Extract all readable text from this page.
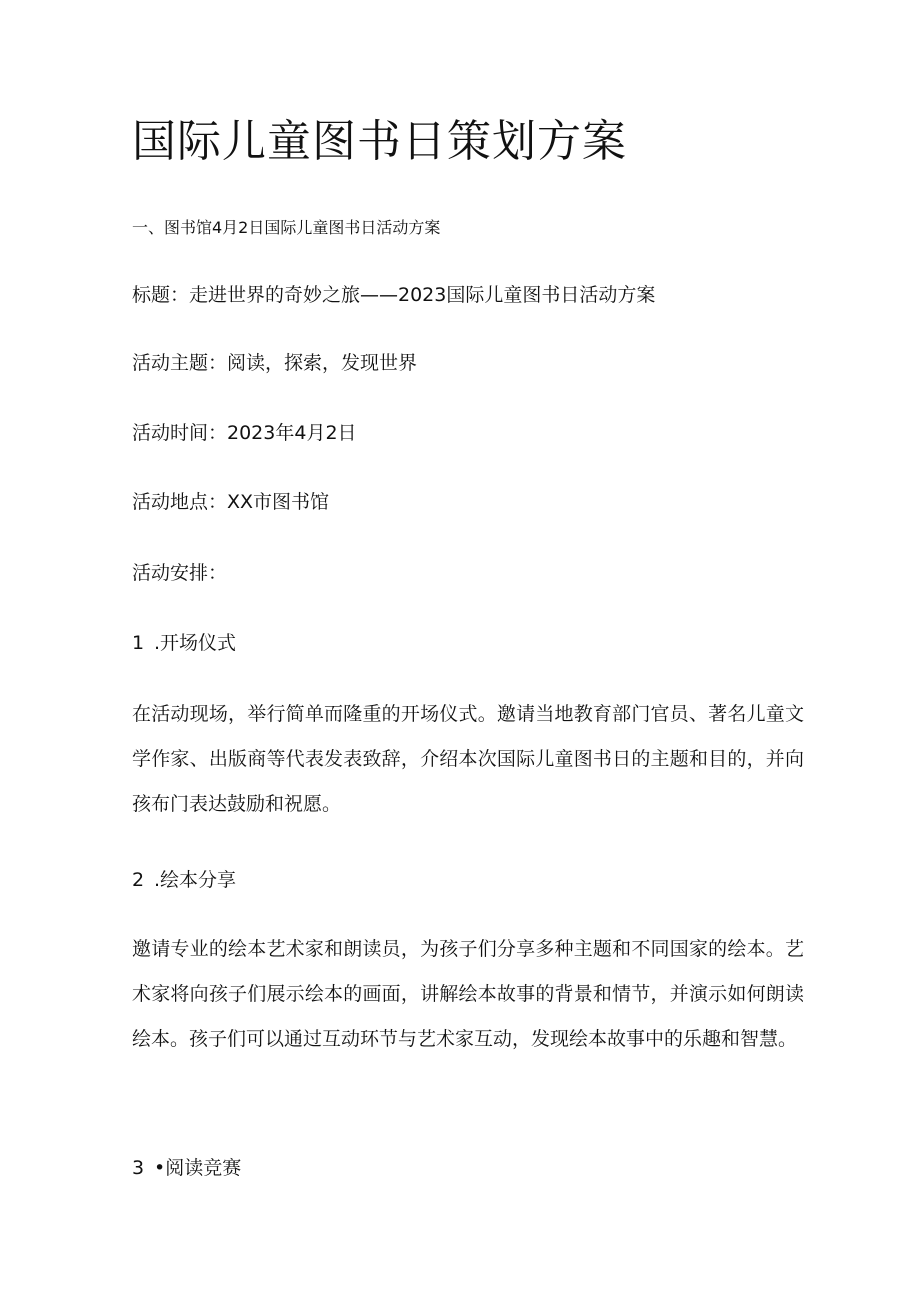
国际儿童图书日策划方案

一、图书馆4月2日国际儿童图书日活动方案

标题：走进世界的奇妙之旅——2023国际儿童图书日活动方案

活动主题：阅读，探索，发现世界

活动时间：2023年4月2日

活动地点：XX市图书馆

活动安排：

1 .开场仪式

在活动现场，举行简单而隆重的开场仪式。邀请当地教育部门官员、著名儿童文学作家、出版商等代表发表致辞，介绍本次国际儿童图书日的主题和目的，并向孩布门表达鼓励和祝愿。

2 .绘本分享

邀请专业的绘本艺术家和朗读员，为孩子们分享多种主题和不同国家的绘本。艺术家将向孩子们展示绘本的画面，讲解绘本故事的背景和情节，并演示如何朗读绘本。孩子们可以通过互动环节与艺术家互动，发现绘本故事中的乐趣和智慧。

3 •阅读竞赛
